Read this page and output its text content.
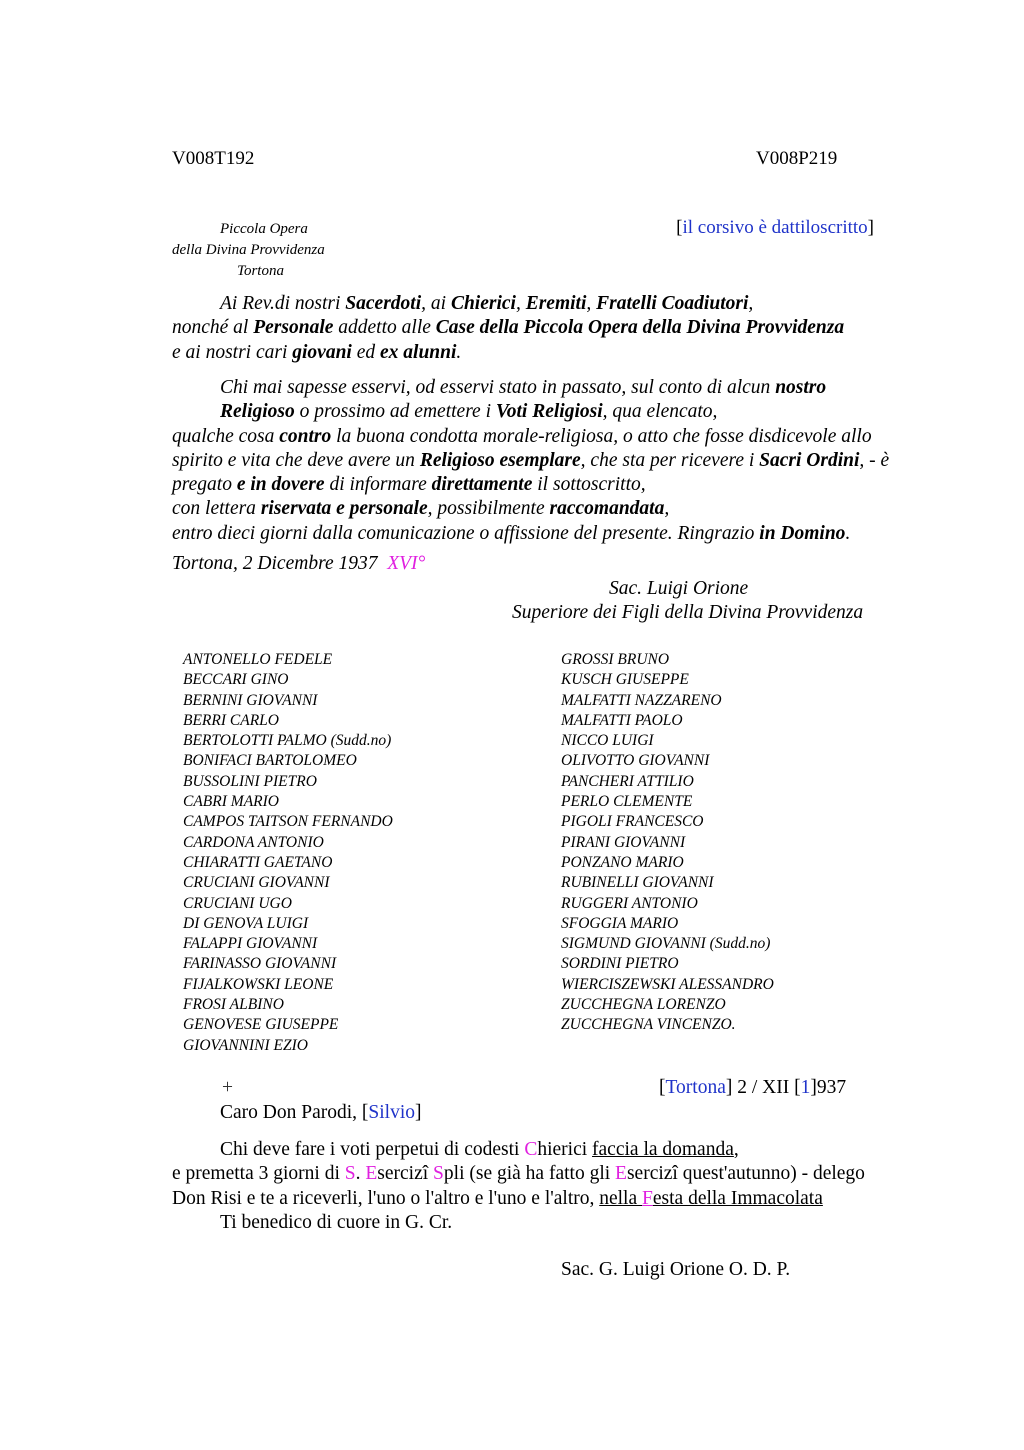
V008T192	V008P219
Piccola Opera
della Divina Provvidenza
Tortona
[il corsivo è dattiloscritto]

Ai Rev.di nostri Sacerdoti, ai Chierici, Eremiti, Fratelli Coadiutori,

nonché al Personale addetto alle Case della Piccola Opera della Divina Provvidenza

e ai nostri cari giovani ed ex alunni.

Chi mai sapesse esservi, od esservi stato in passato, sul conto di alcun nostro Religioso o prossimo ad emettere i Voti Religiosi, qua elencato,

qualche cosa contro la buona condotta morale-religiosa, o atto che fosse disdicevole allo spirito e vita che deve avere un Religioso esemplare, che sta per ricevere i Sacri Ordini, - è pregato e in dovere di informare direttamente il sottoscritto,

con lettera riservata e personale, possibilmente raccomandata,

entro dieci giorni dalla comunicazione o affissione del presente. Ringrazio in Domino.

Tortona, 2 Dicembre 1937 XVI°
Sac. Luigi Orione
Superiore dei Figli della Divina Provvidenza
ANTONELLO FEDELE
BECCARI GINO
BERNINI GIOVANNI
BERRI CARLO
BERTOLOTTI PALMO (Sudd.no)
BONIFACI BARTOLOMEO
BUSSOLINI PIETRO
CABRI MARIO
CAMPOS TAITSON FERNANDO
CARDONA ANTONIO
CHIARATTI GAETANO
CRUCIANI GIOVANNI
CRUCIANI UGO
DI GENOVA LUIGI
FALAPPI GIOVANNI
FARINASSO GIOVANNI
FIJALKOWSKI LEONE
FROSI ALBINO
GENOVESE GIUSEPPE
GIOVANNINI EZIO
GROSSI BRUNO
KUSCH GIUSEPPE
MALFATTI NAZZARENO
MALFATTI PAOLO
NICCO LUIGI
OLIVOTTO GIOVANNI
PANCHERI ATTILIO
PERLO CLEMENTE
PIGOLI FRANCESCO
PIRANI GIOVANNI
PONZANO MARIO
RUBINELLI GIOVANNI
RUGGERI ANTONIO
SFOGGIA MARIO
SIGMUND GIOVANNI (Sudd.no)
SORDINI PIETRO
WIERCISZEWSKI ALESSANDRO
ZUCCHEGNA LORENZO
ZUCCHEGNA VINCENZO.
+	[Tortona] 2 / XII [1]937
Caro Don Parodi, [Silvio]

Chi deve fare i voti perpetui di codesti Chierici faccia la domanda,

e premetta 3 giorni di S. Esercizî Spli (se già ha fatto gli Esercizî quest'autunno) - delego Don Risi e te a riceverli, l'uno o l'altro e l'uno e l'altro, nella Festa della Immacolata

Ti benedico di cuore in G. Cr.

Sac. G. Luigi Orione O. D. P.
